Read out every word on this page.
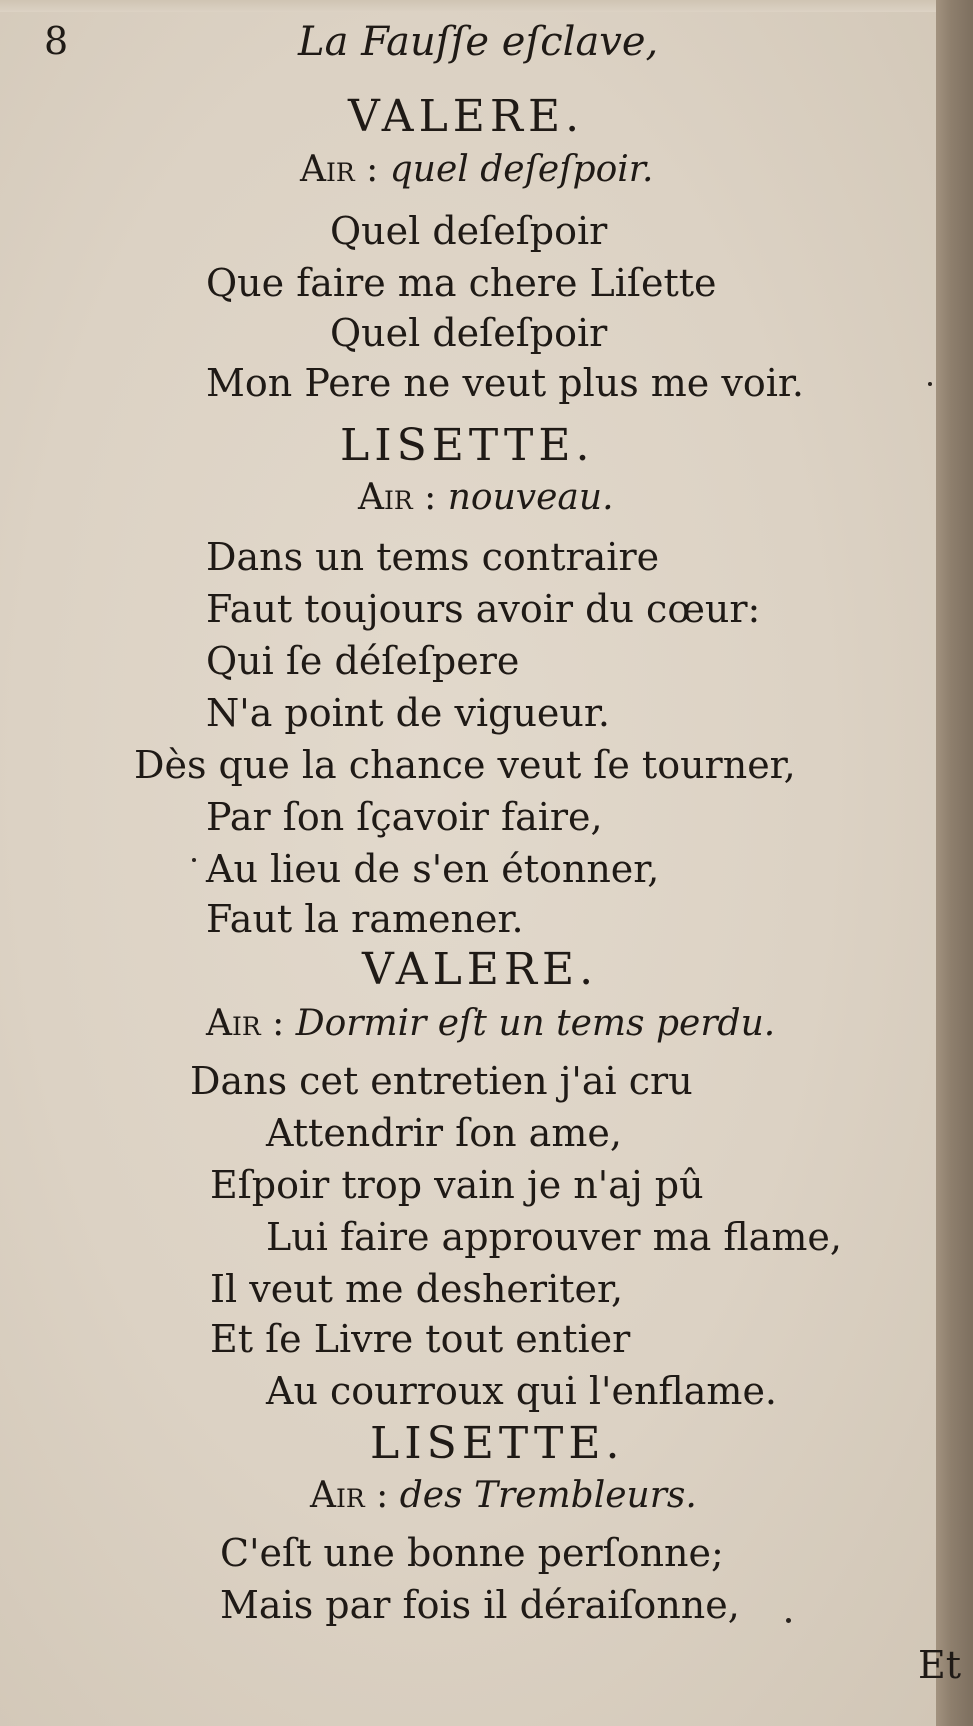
8	La Fauſſe eſclave,
VALERE.
Air : quel deſeſpoir.
Quel deſeſpoir
Que faire ma chere Liſette
Quel deſeſpoir
Mon Pere ne veut plus me voir.
LISETTE.
Air : nouveau.
Dans un tems contraire
Faut toujours avoir du cœur:
Qui ſe déſeſpere
N'a point de vigueur.
Dès que la chance veut ſe tourner,
Par ſon ſçavoir faire,
Au lieu de s'en étonner,
Faut la ramener.
VALERE.
Air : Dormir eſt un tems perdu.
Dans cet entretien j'ai cru
Attendrir ſon ame,
Eſpoir trop vain je n'aj pû
Lui faire approuver ma flame,
Il veut me desheriter,
Et ſe Livre tout entier
Au courroux qui l'enflame.
LISETTE.
Air : des Trembleurs.
C'eſt une bonne perſonne;
Mais par fois il déraiſonne,
Et
